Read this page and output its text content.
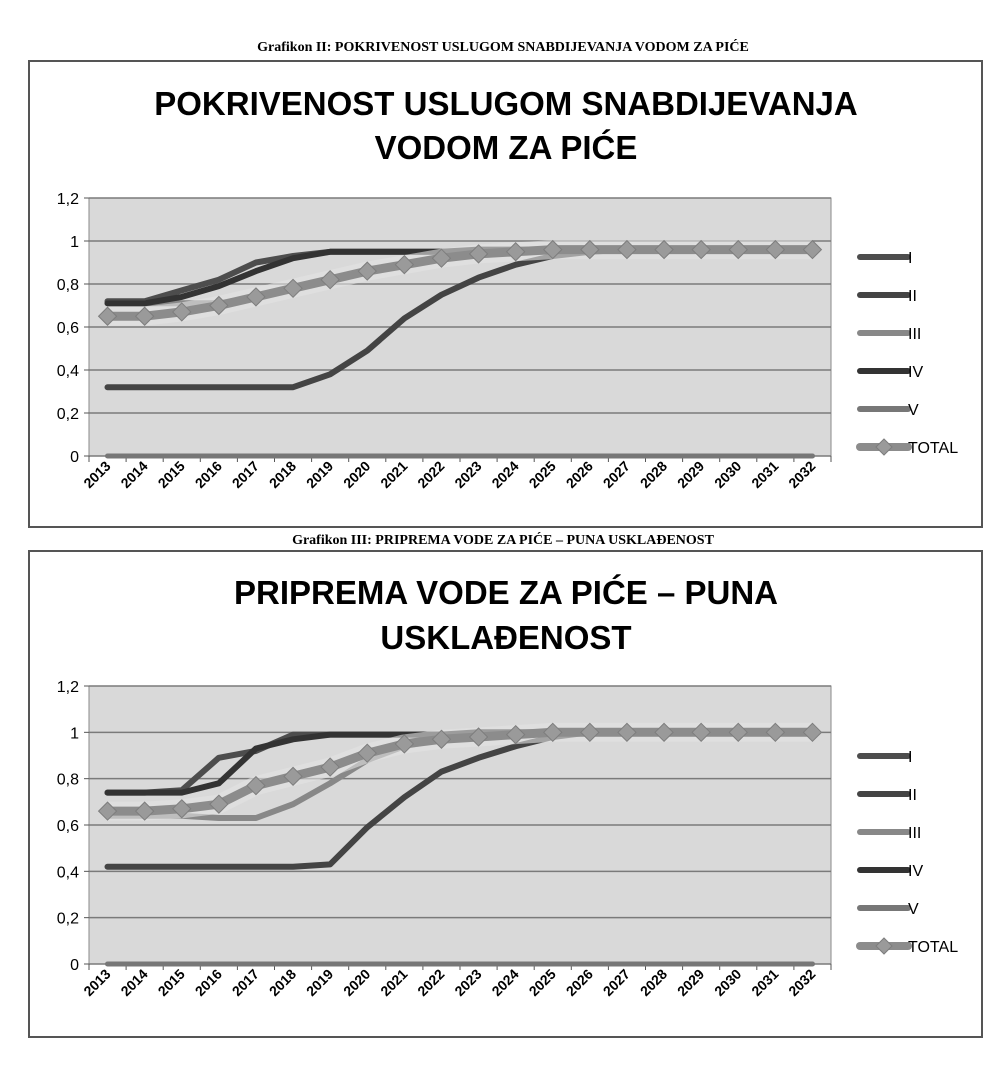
Grafikon II: POKRIVENOST USLUGOM SNABDIJEVANJA VODOM ZA PIĆE
POKRIVENOST USLUGOM SNABDIJEVANJA
VODOM ZA PIĆE
0
0,2
0,4
0,6
0,8
1
1,2
2013 2014 2015 2016 2017 2018 2019 2020 2021 2022 2023 2024 2025 2026 2027 2028 2029 2030 2031 2032
I
II
III
IV
V
TOTAL
Grafikon III: PRIPREMA VODE ZA PIĆE – PUNA USKLAĐENOST
PRIPREMA VODE ZA PIĆE – PUNA
USKLAĐENOST
0
0,2
0,4
0,6
0,8
1
1,2
2013 2014 2015 2016 2017 2018 2019 2020 2021 2022 2023 2024 2025 2026 2027 2028 2029 2030 2031 2032
I
II
III
IV
V
TOTAL
